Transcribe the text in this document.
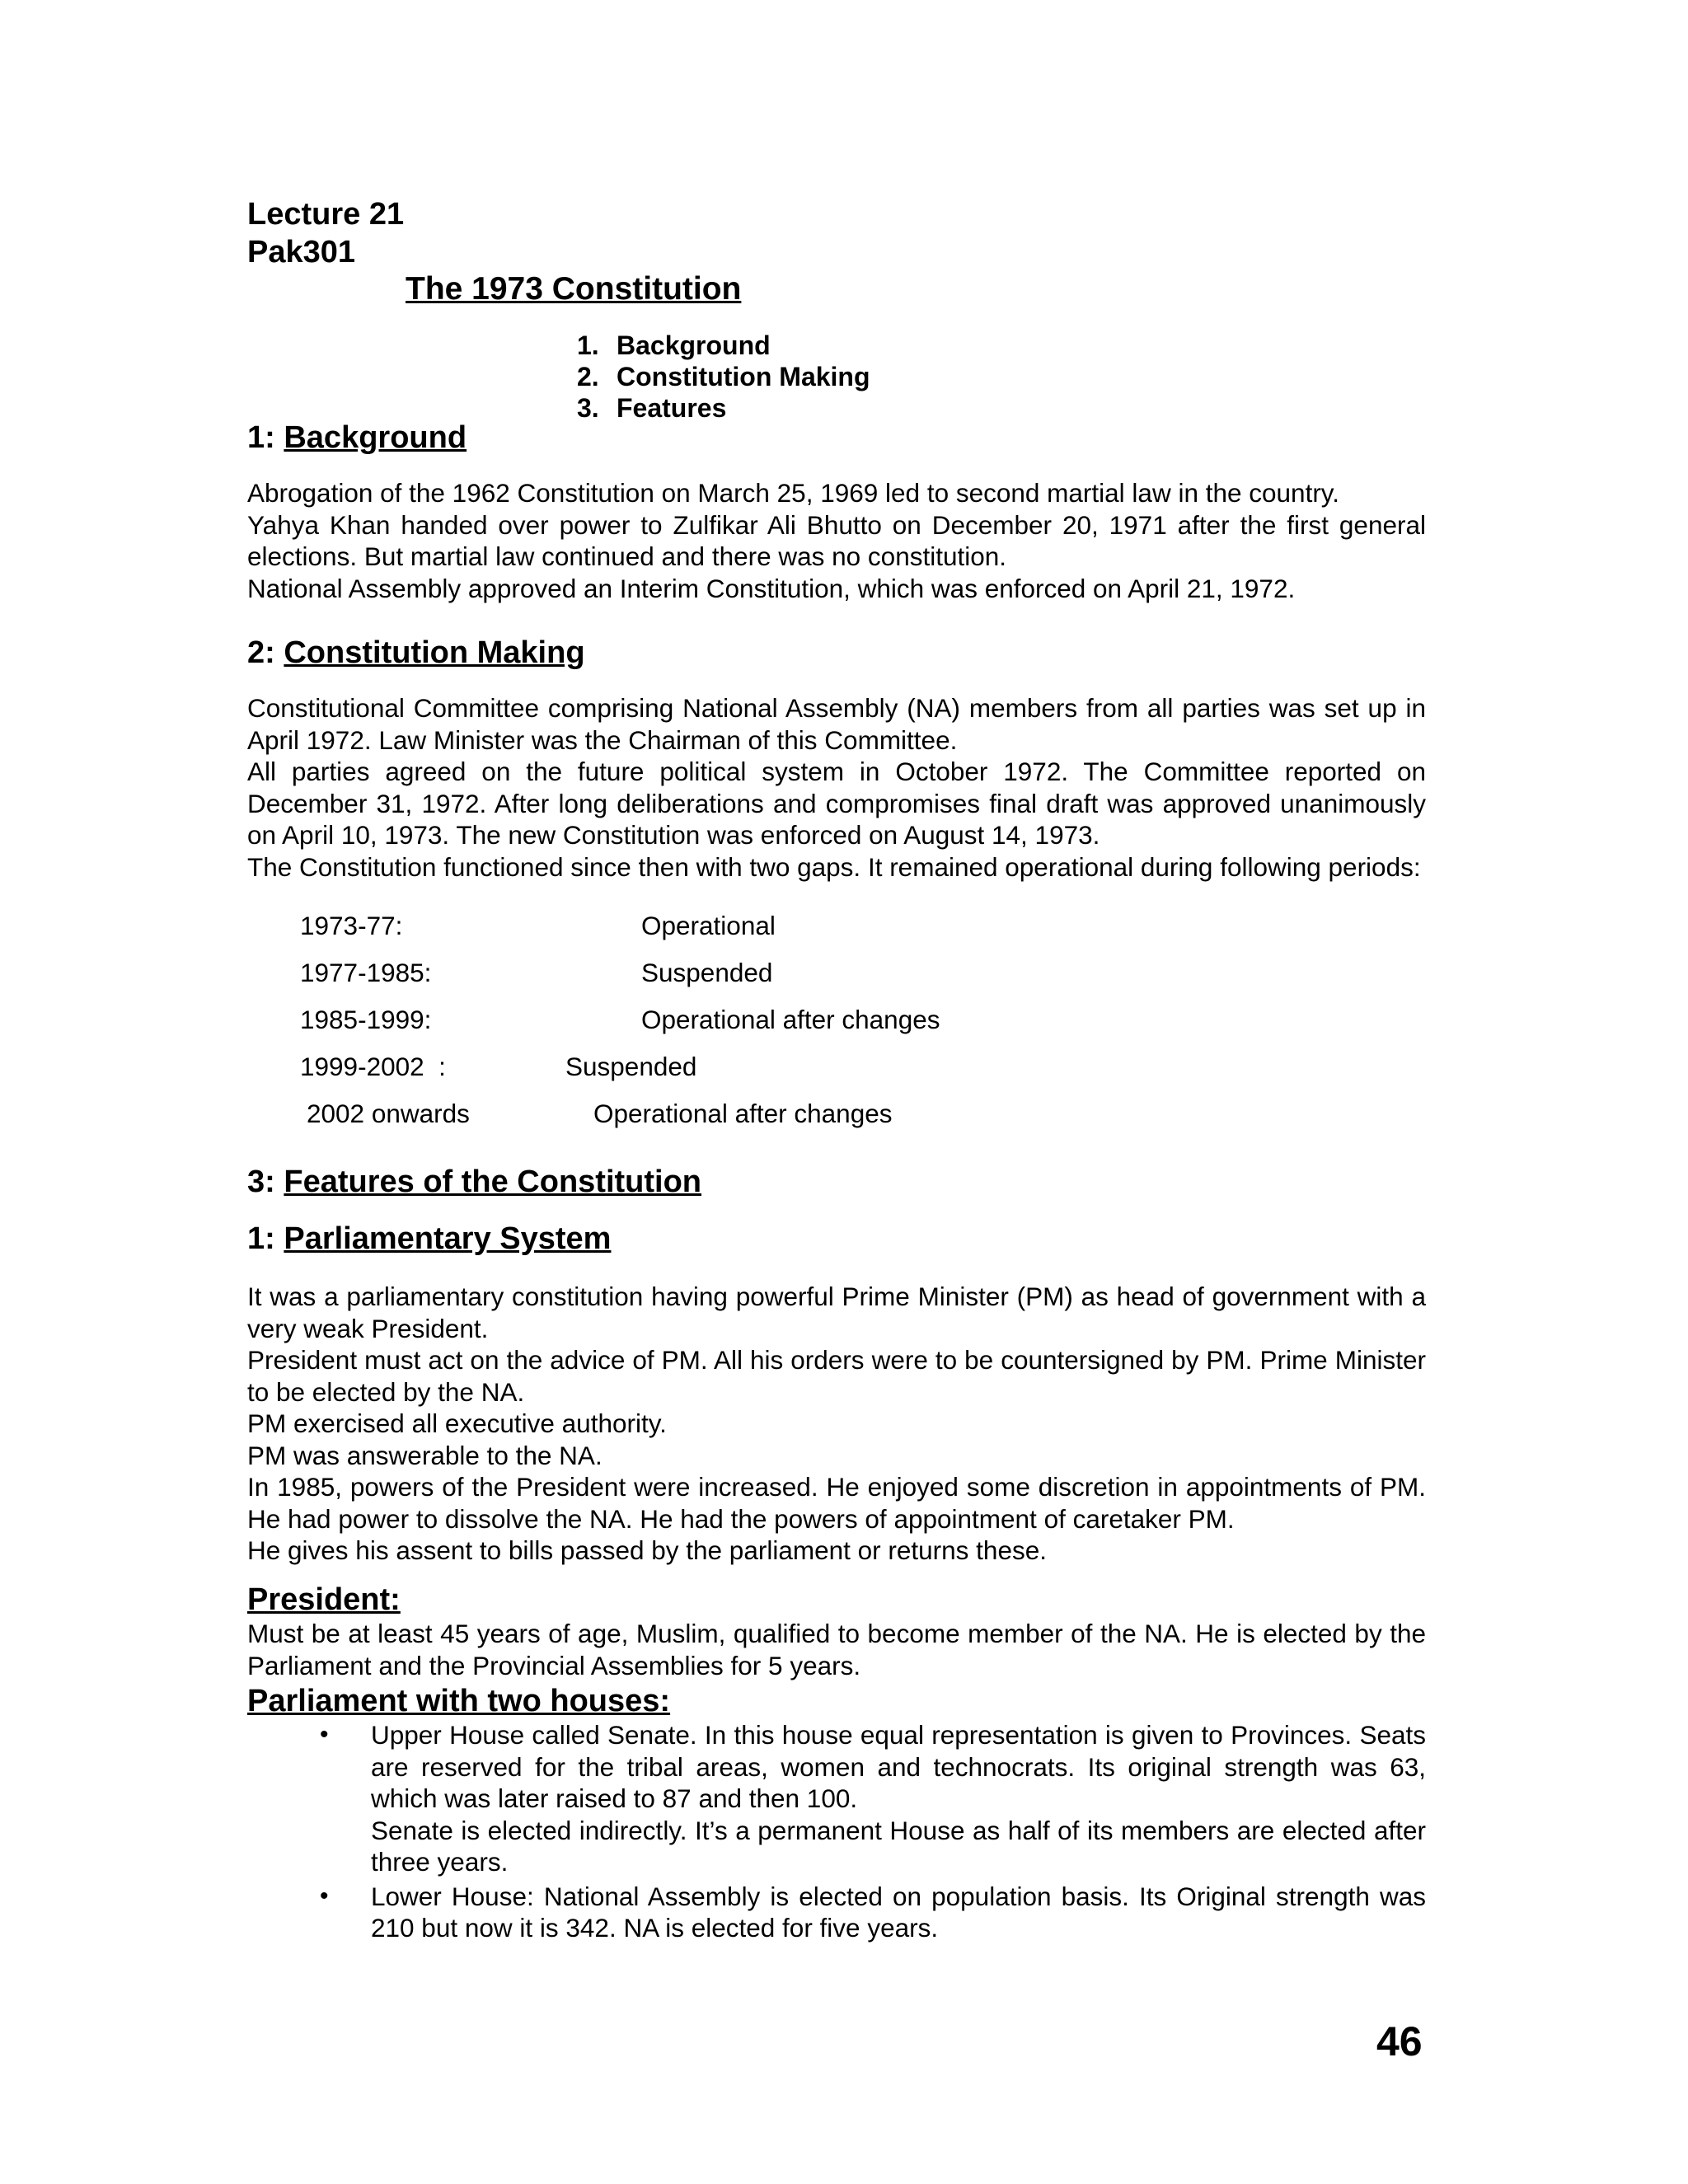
Lecture 21
Pak301
The 1973 Constitution
1. Background
2. Constitution Making
3. Features
1: Background
Abrogation of the 1962 Constitution on March 25, 1969 led to second martial law in the country.
Yahya Khan handed over power to Zulfikar Ali Bhutto on December 20, 1971 after the first general elections. But martial law continued and there was no constitution.
National Assembly approved an Interim Constitution, which was enforced on April 21, 1972.
2: Constitution Making
Constitutional Committee comprising National Assembly (NA) members from all parties was set up in April 1972. Law Minister was the Chairman of this Committee.
All parties agreed on the future political system in October 1972. The Committee reported on December 31, 1972. After long deliberations and compromises final draft was approved unanimously on April 10, 1973. The new Constitution was enforced on August 14, 1973.
The Constitution functioned since then with two gaps. It remained operational during following periods:
1973-77:	Operational
1977-1985:	Suspended
1985-1999:	Operational after changes
1999-2002  :	Suspended
2002 onwards	Operational after changes
3: Features of the Constitution
1: Parliamentary System
It was a parliamentary constitution having powerful Prime Minister (PM) as head of government with a very weak President.
President must act on the advice of PM. All his orders were to be countersigned by PM. Prime Minister to be elected by the NA.
PM exercised all executive authority.
PM was answerable to the NA.
In 1985, powers of the President were increased. He enjoyed some discretion in appointments of PM. He had power to dissolve the NA. He had the powers of appointment of caretaker PM.
He gives his assent to bills passed by the parliament or returns these.
President:
Must be at least 45 years of age, Muslim, qualified to become member of the NA. He is elected by the Parliament and the Provincial Assemblies for 5 years.
Parliament with two houses:
• Upper House called Senate. In this house equal representation is given to Provinces. Seats are reserved for the tribal areas, women and technocrats. Its original strength was 63, which was later raised to 87 and then 100.
Senate is elected indirectly. It’s a permanent House as half of its members are elected after three years.
• Lower House: National Assembly is elected on population basis. Its Original strength was 210 but now it is 342. NA is elected for five years.
46
